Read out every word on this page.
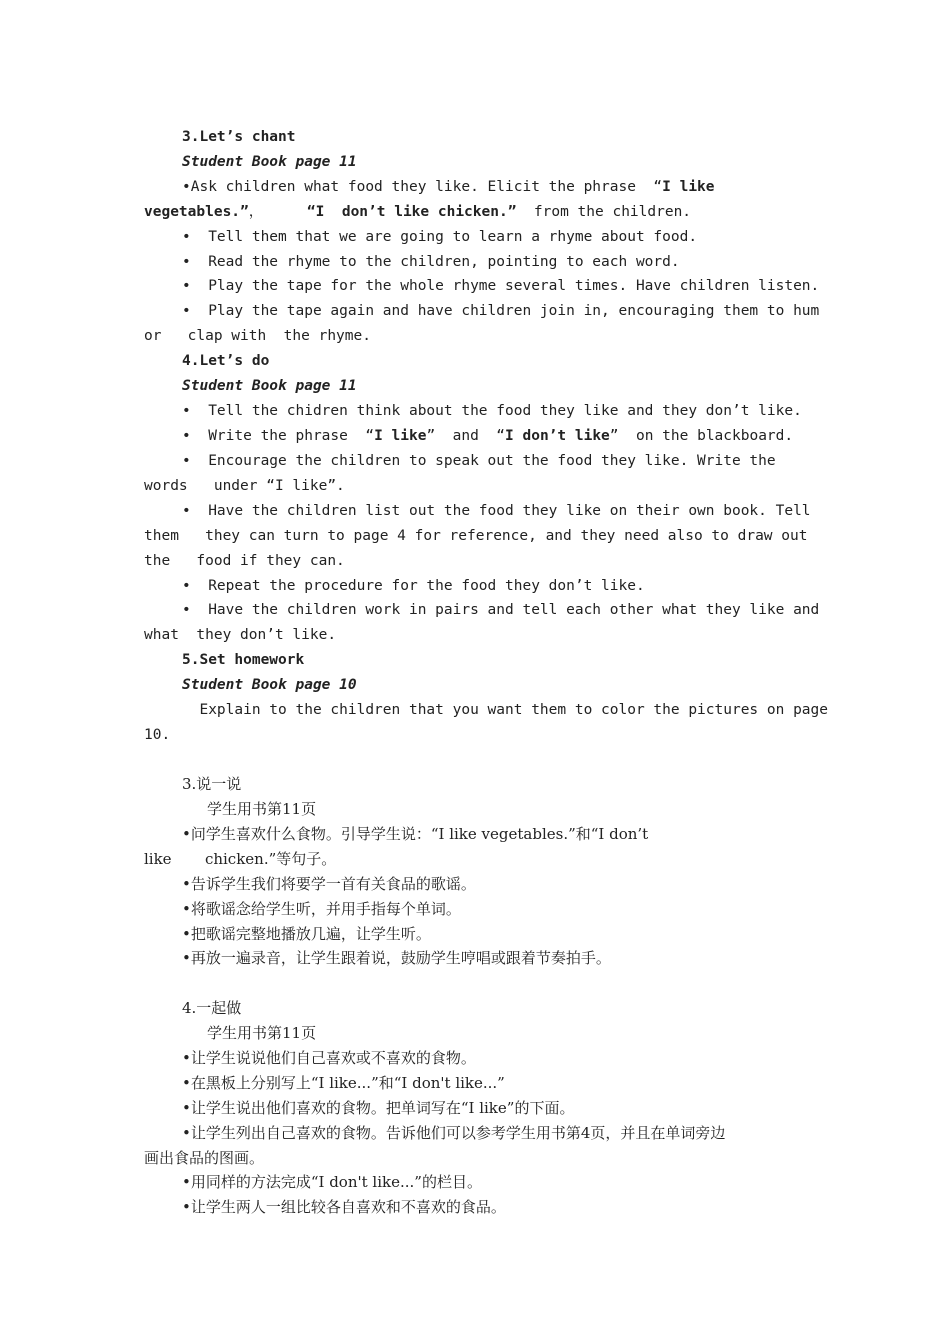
3.Let’s chant
Student Book page 11
•Ask children what food they like. Elicit the phrase  “I like
vegetables.”，     “I  don’t like chicken.”  from the children.
•  Tell them that we are going to learn a rhyme about food.
•  Read the rhyme to the children, pointing to each word.
•  Play the tape for the whole rhyme several times. Have children listen.
•  Play the tape again and have children join in, encouraging them to hum
or   clap with  the rhyme.
4.Let’s do
Student Book page 11
•  Tell the chidren think about the food they like and they don’t like.
•  Write the phrase  “I like”  and  “I don’t like”  on the blackboard.
•  Encourage the children to speak out the food they like. Write the
words   under “I like”.
•  Have the children list out the food they like on their own book. Tell
them   they can turn to page 4 for reference, and they need also to draw out
the   food if they can.
•  Repeat the procedure for the food they don’t like.
•  Have the children work in pairs and tell each other what they like and
what  they don’t like.
5.Set homework
Student Book page 10
Explain to the children that you want them to color the pictures on page
10.
3.说一说
学生用书第11页
•问学生喜欢什么食物。引导学生说：“I like vegetables.”和“I don’t
like       chicken.”等句子。
•告诉学生我们将要学一首有关食品的歌谣。
•将歌谣念给学生听，并用手指每个单词。
•把歌谣完整地播放几遍，让学生听。
•再放一遍录音，让学生跟着说，鼓励学生哼唱或跟着节奏拍手。
4.一起做
学生用书第11页
•让学生说说他们自己喜欢或不喜欢的食物。
•在黑板上分别写上“I like...”和“I don't like...”
•让学生说出他们喜欢的食物。把单词写在“I like”的下面。
•让学生列出自己喜欢的食物。告诉他们可以参考学生用书第4页，并且在单词旁边
画出食品的图画。
•用同样的方法完成“I don't like...”的栏目。
•让学生两人一组比较各自喜欢和不喜欢的食品。
